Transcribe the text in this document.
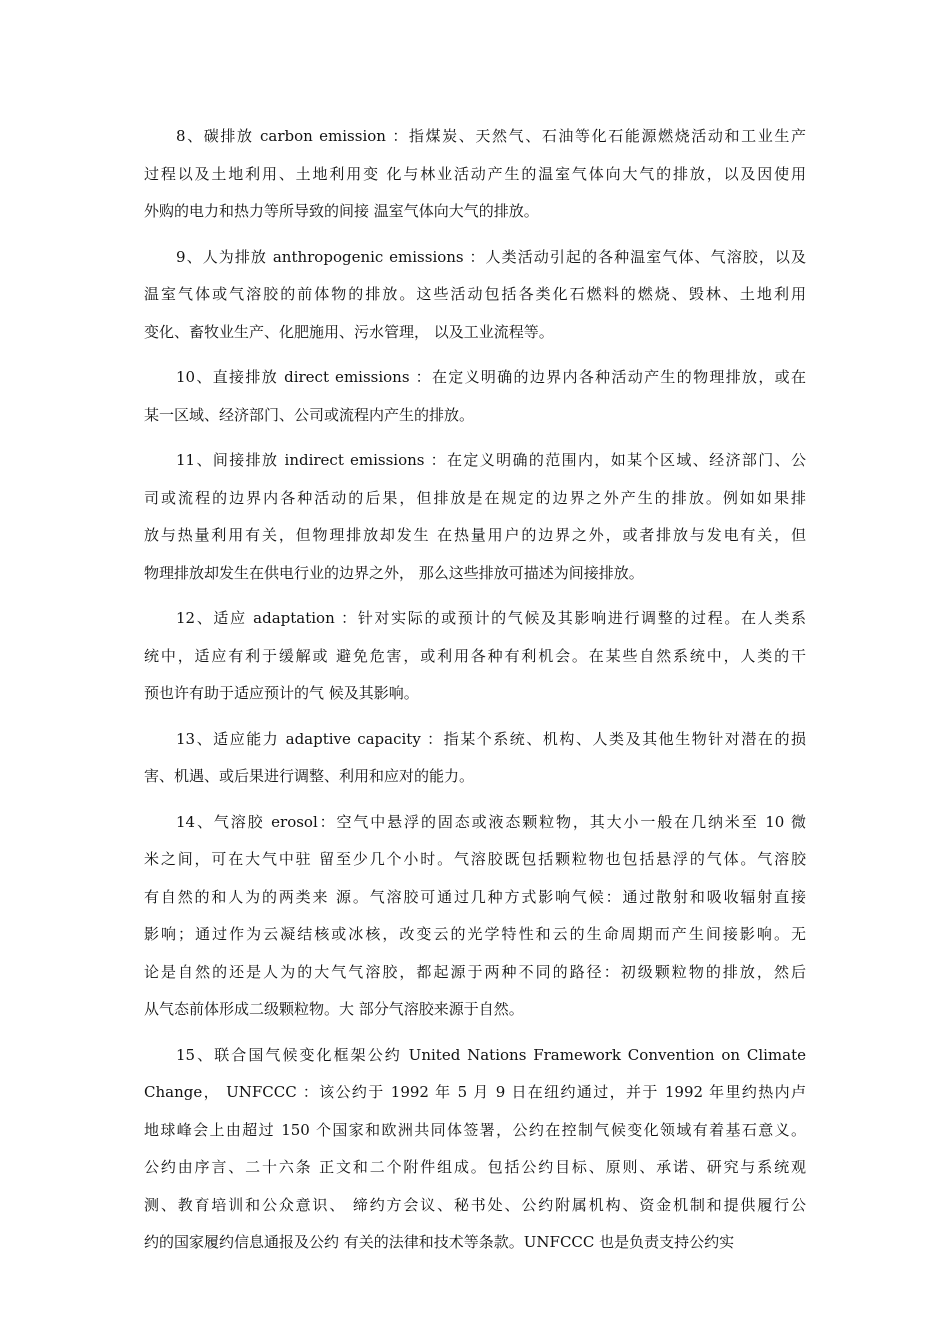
8、碳排放 carbon emission ：指煤炭、天然气、石油等化石能源燃烧活动和工业生产
过程以及土地利用、土地利用变 化与林业活动产生的温室气体向大气的排放，以及因使用
外购的电力和热力等所导致的间接 温室气体向大气的排放。
9、人为排放 anthropogenic emissions ：人类活动引起的各种温室气体、气溶胶，以及
温室气体或气溶胶的前体物的排放。这些活动包括各类化石燃料的燃烧、毁林、土地利用
变化、畜牧业生产、化肥施用、污水管理， 以及工业流程等。
10、直接排放 direct emissions ：在定义明确的边界内各种活动产生的物理排放，或在
某一区域、经济部门、公司或流程内产生的排放。
11、间接排放 indirect emissions ：在定义明确的范围内，如某个区域、经济部门、公
司或流程的边界内各种活动的后果，但排放是在规定的边界之外产生的排放。例如如果排
放与热量利用有关，但物理排放却发生 在热量用户的边界之外，或者排放与发电有关，但
物理排放却发生在供电行业的边界之外， 那么这些排放可描述为间接排放。
12、适应 adaptation ：针对实际的或预计的气候及其影响进行调整的过程。在人类系
统中，适应有利于缓解或 避免危害，或利用各种有利机会。在某些自然系统中，人类的干
预也许有助于适应预计的气 候及其影响。
13、适应能力 adaptive capacity ：指某个系统、机构、人类及其他生物针对潜在的损
害、机遇、或后果进行调整、利用和应对的能力。
14、气溶胶 erosol：空气中悬浮的固态或液态颗粒物，其大小一般在几纳米至 10 微
米之间，可在大气中驻 留至少几个小时。气溶胶既包括颗粒物也包括悬浮的气体。气溶胶
有自然的和人为的两类来 源。气溶胶可通过几种方式影响气候：通过散射和吸收辐射直接
影响；通过作为云凝结核或冰核，改变云的光学特性和云的生命周期而产生间接影响。无
论是自然的还是人为的大气气溶胶，都起源于两种不同的路径：初级颗粒物的排放，然后
从气态前体形成二级颗粒物。大 部分气溶胶来源于自然。
15、联合国气候变化框架公约 United Nations Framework Convention on Climate
Change， UNFCCC ：该公约于 1992 年 5 月 9 日在纽约通过，并于 1992 年里约热内卢
地球峰会上由超过 150 个国家和欧洲共同体签署，公约在控制气候变化领域有着基石意义。
公约由序言、二十六条 正文和二个附件组成。包括公约目标、原则、承诺、研究与系统观
测、教育培训和公众意识、 缔约方会议、秘书处、公约附属机构、资金机制和提供履行公
约的国家履约信息通报及公约 有关的法律和技术等条款。UNFCCC 也是负责支持公约实
